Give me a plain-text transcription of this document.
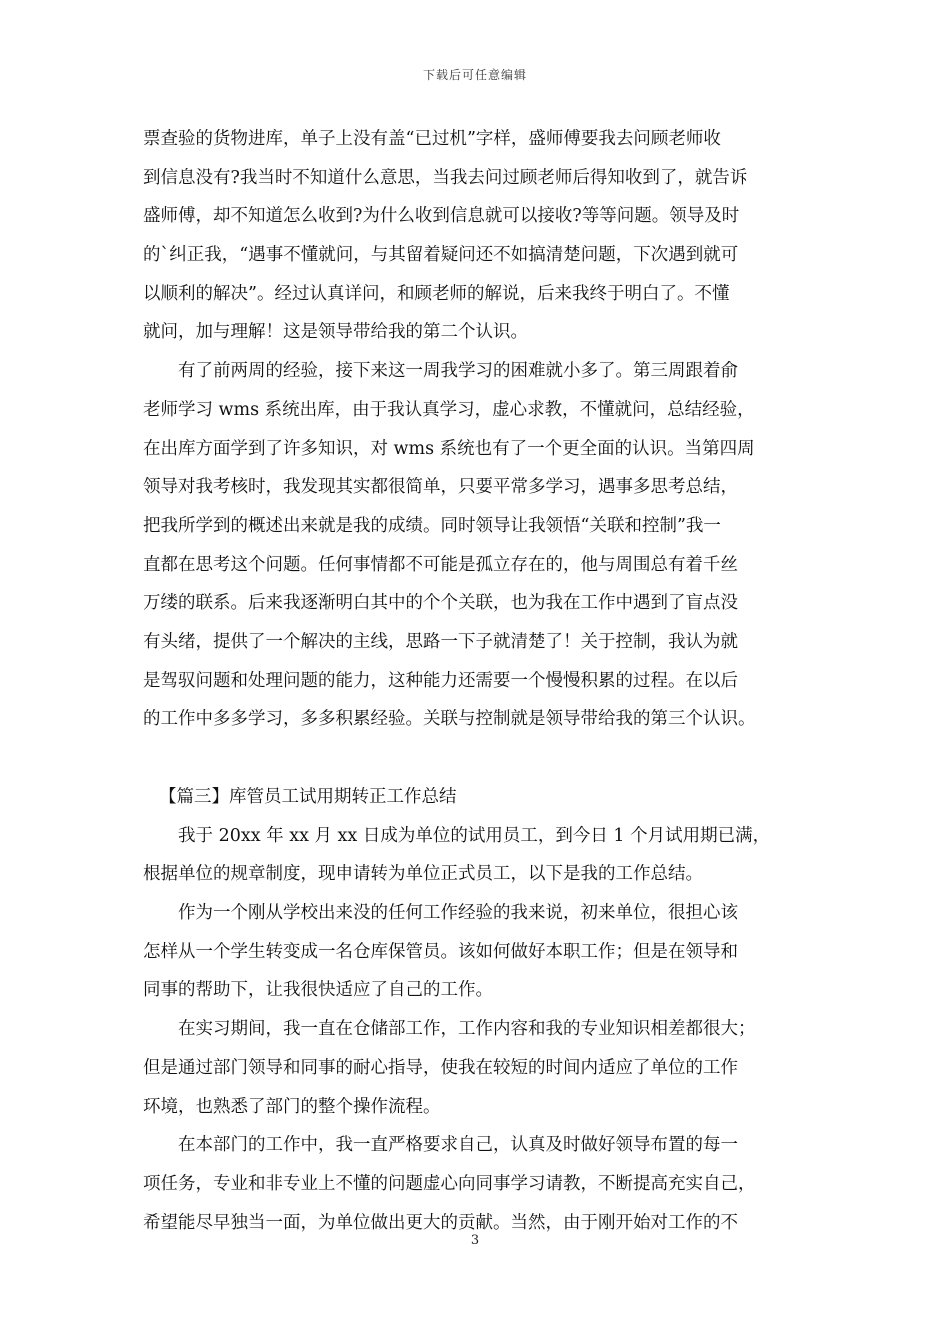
下载后可任意编辑
票查验的货物进库，单子上没有盖“已过机”字样，盛师傅要我去问顾老师收
到信息没有?我当时不知道什么意思，当我去问过顾老师后得知收到了，就告诉
盛师傅，却不知道怎么收到?为什么收到信息就可以接收?等等问题。领导及时
的`纠正我，“遇事不懂就问，与其留着疑问还不如搞清楚问题，下次遇到就可
以顺利的解决”。经过认真详问，和顾老师的解说，后来我终于明白了。不懂
就问，加与理解！这是领导带给我的第二个认识。
有了前两周的经验，接下来这一周我学习的困难就小多了。第三周跟着俞
老师学习 wms 系统出库，由于我认真学习，虚心求教，不懂就问，总结经验，
在出库方面学到了许多知识，对 wms 系统也有了一个更全面的认识。当第四周
领导对我考核时，我发现其实都很简单，只要平常多学习，遇事多思考总结，
把我所学到的概述出来就是我的成绩。同时领导让我领悟“关联和控制”我一
直都在思考这个问题。任何事情都不可能是孤立存在的，他与周围总有着千丝
万缕的联系。后来我逐渐明白其中的个个关联，也为我在工作中遇到了盲点没
有头绪，提供了一个解决的主线，思路一下子就清楚了！关于控制，我认为就
是驾驭问题和处理问题的能力，这种能力还需要一个慢慢积累的过程。在以后
的工作中多多学习，多多积累经验。关联与控制就是领导带给我的第三个认识。
【篇三】库管员工试用期转正工作总结
我于 20xx 年 xx 月 xx 日成为单位的试用员工，到今日 1 个月试用期已满，
根据单位的规章制度，现申请转为单位正式员工，以下是我的工作总结。
作为一个刚从学校出来没的任何工作经验的我来说，初来单位，很担心该
怎样从一个学生转变成一名仓库保管员。该如何做好本职工作；但是在领导和
同事的帮助下，让我很快适应了自己的工作。
在实习期间，我一直在仓储部工作，工作内容和我的专业知识相差都很大；
但是通过部门领导和同事的耐心指导，使我在较短的时间内适应了单位的工作
环境，也熟悉了部门的整个操作流程。
在本部门的工作中，我一直严格要求自己，认真及时做好领导布置的每一
项任务，专业和非专业上不懂的问题虚心向同事学习请教，不断提高充实自己，
希望能尽早独当一面，为单位做出更大的贡献。当然，由于刚开始对工作的不
3
